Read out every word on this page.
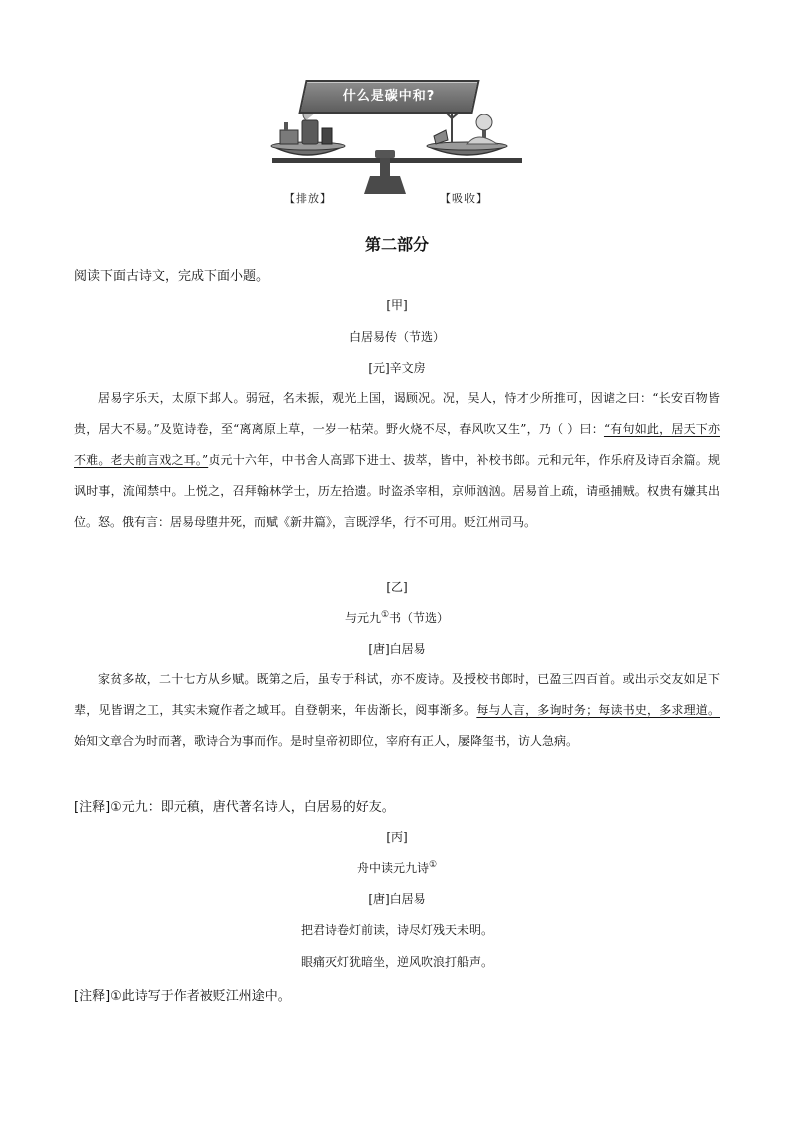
什么是碳中和?
【排放】	【吸收】
第二部分
阅读下面古诗文，完成下面小题。
[甲]
白居易传（节选）
[元]辛文房
居易字乐天，太原下邽人。弱冠，名未振，观光上国，谒顾况。况，吴人，恃才少所推可，因谑之曰：“长安百物皆贵，居大不易。”及览诗卷，至“离离原上草，一岁一枯荣。野火烧不尽，春风吹又生”，乃（ ）曰：“有句如此，居天下亦不难。老夫前言戏之耳。”贞元十六年，中书舍人高郢下进士、拔萃，皆中，补校书郎。元和元年，作乐府及诗百余篇。规讽时事，流闻禁中。上悦之，召拜翰林学士，历左拾遗。时盗杀宰相，京师汹汹。居易首上疏，请亟捕贼。权贵有嫌其出位。怒。俄有言：居易母堕井死，而赋《新井篇》，言既浮华，行不可用。贬江州司马。
[乙]
与元九①书（节选）
[唐]白居易
家贫多故，二十七方从乡赋。既第之后，虽专于科试，亦不废诗。及授校书郎时，已盈三四百首。或出示交友如足下辈，见皆谓之工，其实未窥作者之域耳。自登朝来，年齿渐长，阅事渐多。每与人言，多询时务；每读书史，多求理道。始知文章合为时而著，歌诗合为事而作。是时皇帝初即位，宰府有正人，屡降玺书，访人急病。
[注释]①元九：即元稹，唐代著名诗人，白居易的好友。
[丙]
舟中读元九诗①
[唐]白居易
把君诗卷灯前读，诗尽灯残天未明。
眼痛灭灯犹暗坐，逆风吹浪打船声。
[注释]①此诗写于作者被贬江州途中。
